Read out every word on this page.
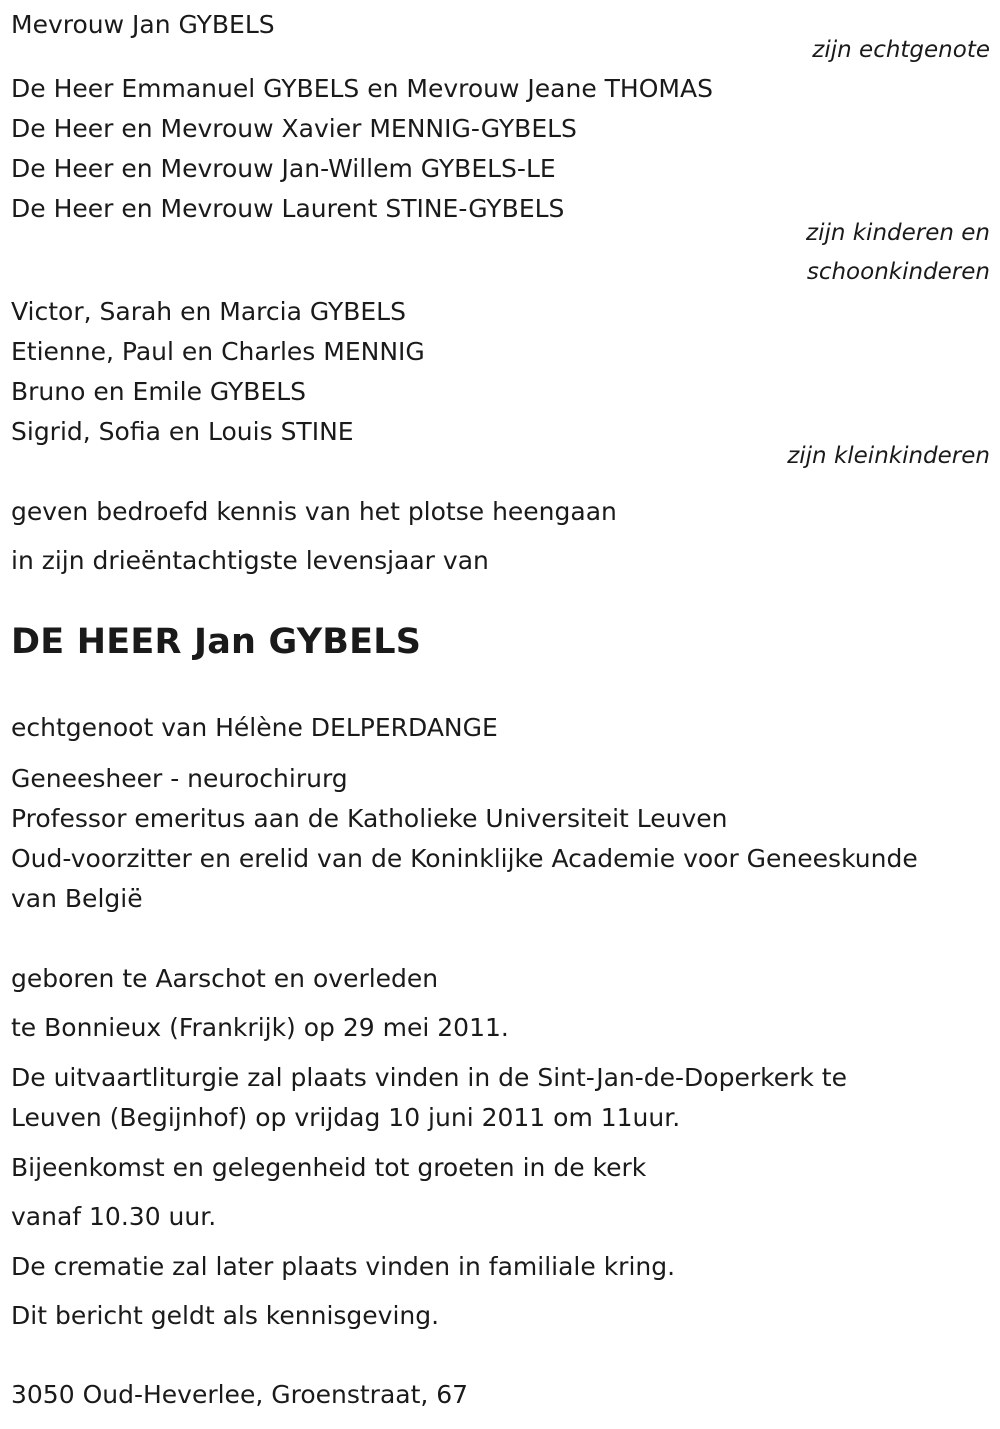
Mevrouw Jan GYBELS
zijn echtgenote
De Heer Emmanuel GYBELS en Mevrouw Jeane THOMAS
De Heer en Mevrouw Xavier MENNIG-GYBELS
De Heer en Mevrouw Jan-Willem GYBELS-LE
De Heer en Mevrouw Laurent STINE-GYBELS
zijn kinderen en
schoonkinderen
Victor, Sarah en Marcia GYBELS
Etienne, Paul en Charles MENNIG
Bruno en Emile GYBELS
Sigrid, Sofia en Louis STINE
zijn kleinkinderen
geven bedroefd kennis van het plotse heengaan
in zijn drieëntachtigste levensjaar van
DE HEER Jan GYBELS
echtgenoot van Hélène DELPERDANGE
Geneesheer - neurochirurg
Professor emeritus aan de Katholieke Universiteit Leuven
Oud-voorzitter en erelid van de Koninklijke Academie voor Geneeskunde
van België
geboren te Aarschot en overleden
te Bonnieux (Frankrijk) op 29 mei 2011.
De uitvaartliturgie zal plaats vinden in de Sint-Jan-de-Doperkerk te
Leuven (Begijnhof) op vrijdag 10 juni 2011 om 11uur.
Bijeenkomst en gelegenheid tot groeten in de kerk
vanaf 10.30 uur.
De crematie zal later plaats vinden in familiale kring.
Dit bericht geldt als kennisgeving.
3050 Oud-Heverlee, Groenstraat, 67
